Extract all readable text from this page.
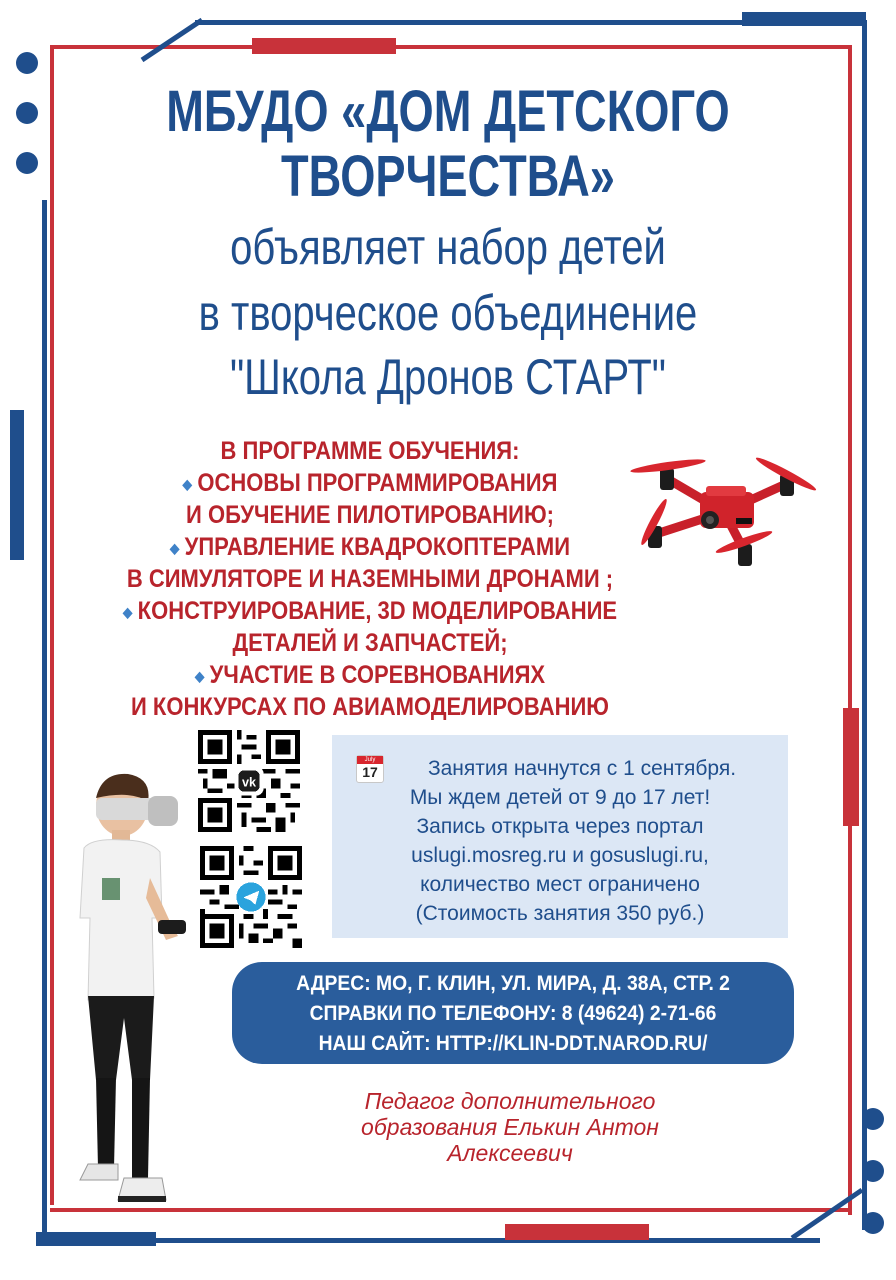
МБУДО «ДОМ ДЕТСКОГО
ТВОРЧЕСТВА»
объявляет набор детей
в творческое объединение
"Школа Дронов СТАРТ"
В ПРОГРАММЕ ОБУЧЕНИЯ:
◆ ОСНОВЫ ПРОГРАММИРОВАНИЯ
И ОБУЧЕНИЕ ПИЛОТИРОВАНИЮ;
◆ УПРАВЛЕНИЕ КВАДРОКОПТЕРАМИ
В СИМУЛЯТОРЕ И НАЗЕМНЫМИ ДРОНАМИ ;
◆ КОНСТРУИРОВАНИЕ, 3D МОДЕЛИРОВАНИЕ
ДЕТАЛЕЙ И ЗАПЧАСТЕЙ;
◆ УЧАСТИЕ В СОРЕВНОВАНИЯХ
И КОНКУРСАХ ПО АВИАМОДЕЛИРОВАНИЮ
vk
July
17	Занятия начнутся с 1 сентября.
Мы ждем детей от 9 до 17 лет!
Запись открыта через портал
uslugi.mosreg.ru и gosuslugi.ru,
количество мест ограничено
(Стоимость занятия 350 руб.)
АДРЕС: МО, Г. КЛИН, УЛ. МИРА, Д. 38А, СТР. 2
СПРАВКИ ПО ТЕЛЕФОНУ: 8 (49624) 2-71-66
НАШ САЙТ: HTTP://KLIN-DDT.NAROD.RU/
Педагог дополнительного
образования Елькин Антон
Алексеевич
